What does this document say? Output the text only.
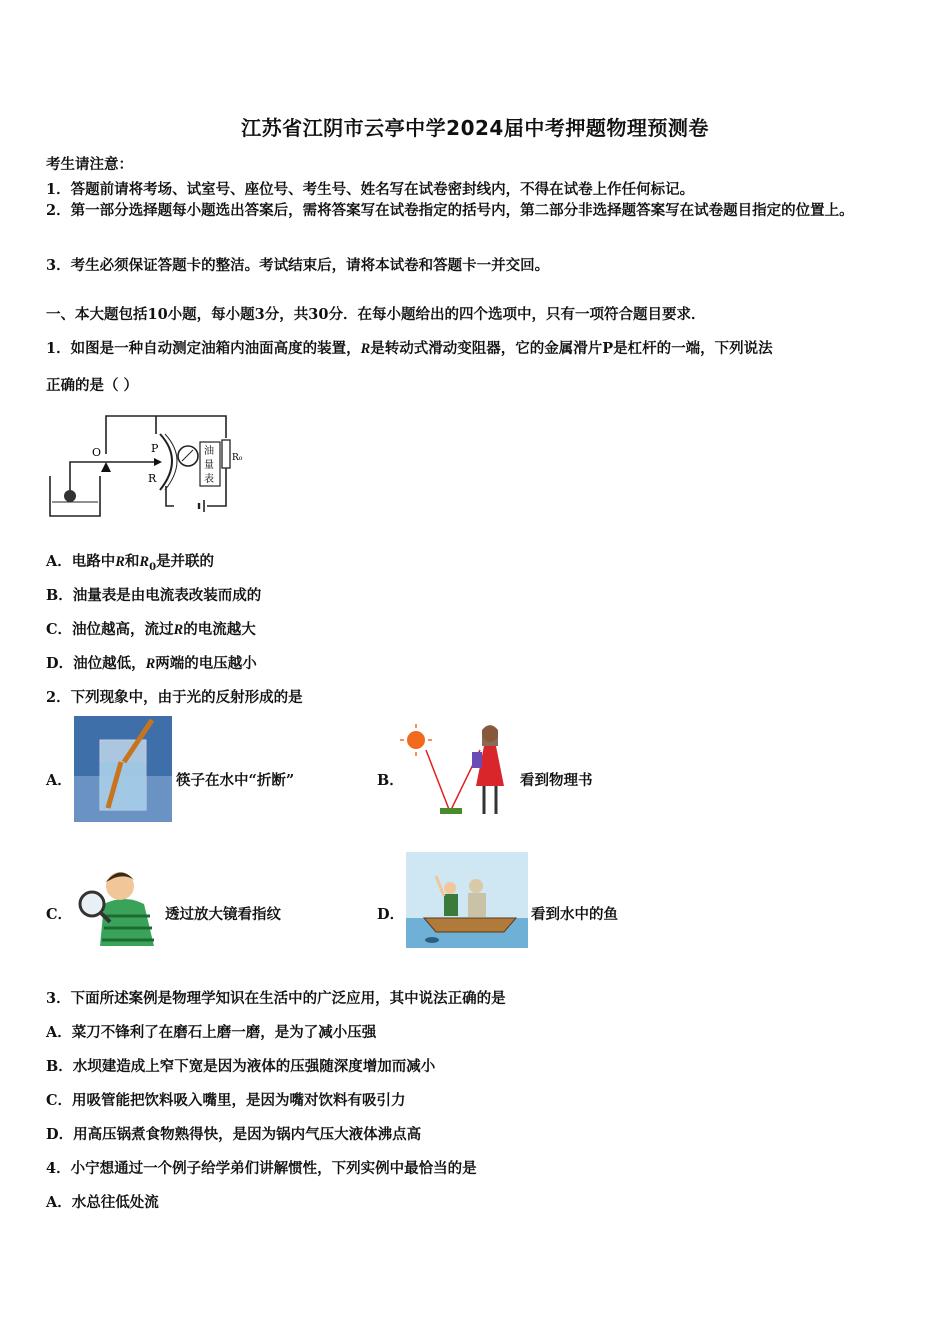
江苏省江阴市云亭中学2024届中考押题物理预测卷
考生请注意：
1．答题前请将考场、试室号、座位号、考生号、姓名写在试卷密封线内，不得在试卷上作任何标记。
2．第一部分选择题每小题选出答案后，需将答案写在试卷指定的括号内，第二部分非选择题答案写在试卷题目指定的位置上。
3．考生必须保证答题卡的整洁。考试结束后，请将本试卷和答题卡一并交回。
一、本大题包括10小题，每小题3分，共30分．在每小题给出的四个选项中，只有一项符合题目要求．
1．如图是一种自动测定油箱内油面高度的装置，R是转动式滑动变阻器，它的金属滑片P是杠杆的一端，下列说法
正确的是（ ）
O	P
R
油
量
表
R₀
A．电路中R和$R_0$是并联的
B．油量表是由电流表改装而成的
C．油位越高，流过R的电流越大
D．油位越低，R两端的电压越小
2．下列现象中，由于光的反射形成的是
A．	筷子在水中“折断”	B．	看到物理书
C．	透过放大镜看指纹	D．	看到水中的鱼
3．下面所述案例是物理学知识在生活中的广泛应用，其中说法正确的是
A．菜刀不锋利了在磨石上磨一磨，是为了减小压强
B．水坝建造成上窄下宽是因为液体的压强随深度增加而减小
C．用吸管能把饮料吸入嘴里，是因为嘴对饮料有吸引力
D．用高压锅煮食物熟得快，是因为锅内气压大液体沸点高
4．小宁想通过一个例子给学弟们讲解惯性，下列实例中最恰当的是
A．水总往低处流
